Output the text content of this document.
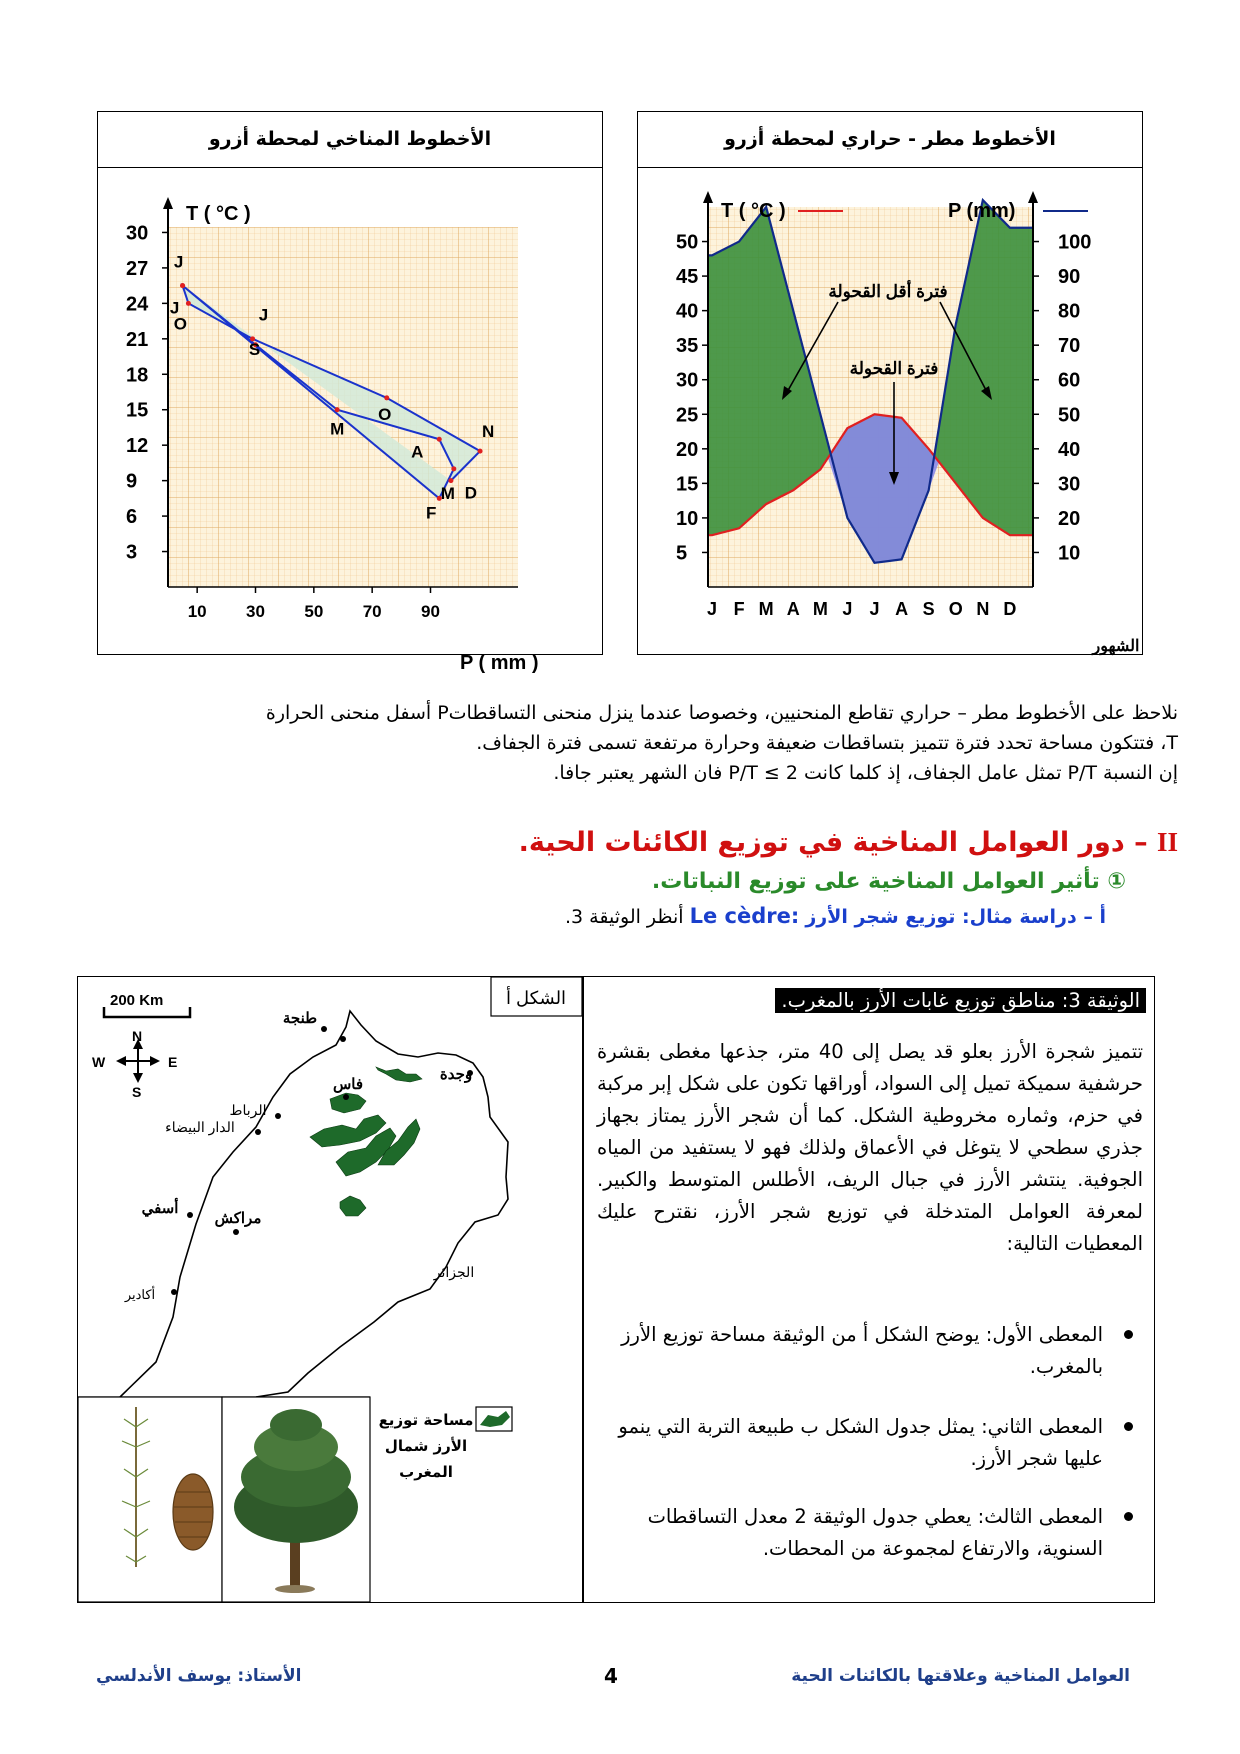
الأخطوط المناخي لمحطة أزرو
30
27
24
21
18
15
12
9
6
3
10 30 50 70 90
J
O
S
J
O
M
A
N
M
F
J
D
T ( °C )
P ( mm )
الأخطوط مطر - حراري لمحطة أزرو
50
45
40
35
30
25
20
15
10
5
100
90
80
70
60
50
40
30
20
10
J F M A M J J A S O N D
T ( °C )	P (mm)
فترة أقل القحولة
فترة القحولة
الشهور
نلاحظ على الأخطوط مطر – حراري تقاطع المنحنيين، وخصوصا عندما ينزل منحنى التساقطاتP أسفل منحنى الحرارة
T، فتتكون مساحة تحدد فترة تتميز بتساقطات ضعيفة وحرارة مرتفعة تسمى فترة الجفاف.
إن النسبة P/T تمثل عامل الجفاف، إذ كلما كانت P/T ≤ 2 فان الشهر يعتبر جافا.
II – دور العوامل المناخية في توزيع الكائنات الحية.
① تأثير العوامل المناخية على توزيع النباتات.
أ – دراسة مثال: توزيع شجر الأرز Le cèdre: أنظر الوثيقة 3.
الوثيقة 3: مناطق توزيع غابات الأرز بالمغرب.
تتميز شجرة الأرز بعلو قد يصل إلى 40 متر، جذعها مغطى بقشرة حرشفية سميكة تميل إلى السواد، أوراقها تكون على شكل إبر مركبة في حزم، وثماره مخروطية الشكل. كما أن شجر الأرز يمتاز بجهاز جذري سطحي لا يتوغل في الأعماق ولذلك فهو لا يستفيد من المياه الجوفية. ينتشر الأرز في جبال الريف، الأطلس المتوسط والكبير. لمعرفة العوامل المتدخلة في توزيع شجر الأرز، نقترح عليك المعطيات التالية:
المعطى الأول: يوضح الشكل أ من الوثيقة مساحة توزيع الأرز بالمغرب.
المعطى الثاني: يمثل جدول الشكل ب طبيعة التربة التي ينمو عليها شجر الأرز.
المعطى الثالث: يعطي جدول الوثيقة 2 معدل التساقطات السنوية، والارتفاع لمجموعة من المحطات.
الشكل أ
200 Km
N
S
W	E
طنجة
وجدة
فاس
الرباط
الدار البيضاء
أسفي
مراكش
أكادير
الجزائر
مساحة توزيع الأرز شمال المغرب
الأستاذ: يوسف الأندلسي	4	العوامل المناخية وعلاقتها بالكائنات الحية
